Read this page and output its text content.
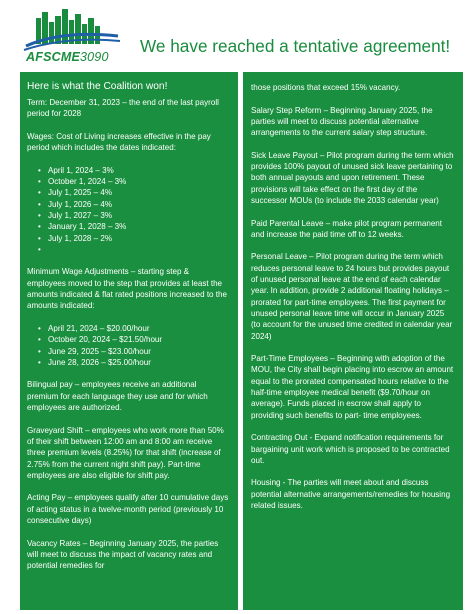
AFSCME3090
We have reached a tentative agreement!
Here is what the Coalition won!

Term: December 31, 2023 – the end of the last payroll period for 2028

Wages: Cost of Living increases effective in the pay period which includes the dates indicated:
• April 1, 2024 – 3%
• October 1, 2024 – 3%
• July 1, 2025 – 4%
• July 1, 2026 – 4%
• July 1, 2027 – 3%
• January 1, 2028 – 3%
• July 1, 2028 – 2%
•
Minimum Wage Adjustments – starting step & employees moved to the step that provides at least the amounts indicated & flat rated positions increased to the amounts indicated:
• April 21, 2024 – $20.00/hour
• October 20, 2024 – $21.50/hour
• June 29, 2025 – $23.00/hour
• June 28, 2026 – $25.00/hour

Bilingual pay – employees receive an additional premium for each language they use and for which employees are authorized.

Graveyard Shift – employees who work more than 50% of their shift between 12:00 am and 8:00 am receive three premium levels (8.25%) for that shift (increase of 2.75% from the current night shift pay). Part-time employees are also eligible for shift pay.

Acting Pay – employees qualify after 10 cumulative days of acting status in a twelve-month period (previously 10 consecutive days)

Vacancy Rates – Beginning January 2025, the parties will meet to discuss the impact of vacancy rates and potential remedies for

those positions that exceed 15% vacancy.

Salary Step Reform – Beginning January 2025, the parties will meet to discuss potential alternative arrangements to the current salary step structure.

Sick Leave Payout – Pilot program during the term which provides 100% payout of unused sick leave pertaining to both annual payouts and upon retirement. These provisions will take effect on the first day of the successor MOUs (to include the 2033 calendar year)

Paid Parental Leave – make pilot program permanent and increase the paid time off to 12 weeks.

Personal Leave – Pilot program during the term which reduces personal leave to 24 hours but provides payout of unused personal leave at the end of each calendar year. In addition, provide 2 additional floating holidays – prorated for part-time employees. The first payment for unused personal leave time will occur in January 2025 (to account for the unused time credited in calendar year 2024)

Part-Time Employees – Beginning with adoption of the MOU, the City shall begin placing into escrow an amount equal to the prorated compensated hours relative to the half-time employee medical benefit ($9.70/hour on average). Funds placed in escrow shall apply to providing such benefits to part- time employees.

Contracting Out - Expand notification requirements for bargaining unit work which is proposed to be contracted out.

Housing - The parties will meet about and discuss potential alternative arrangements/remedies for housing related issues.
